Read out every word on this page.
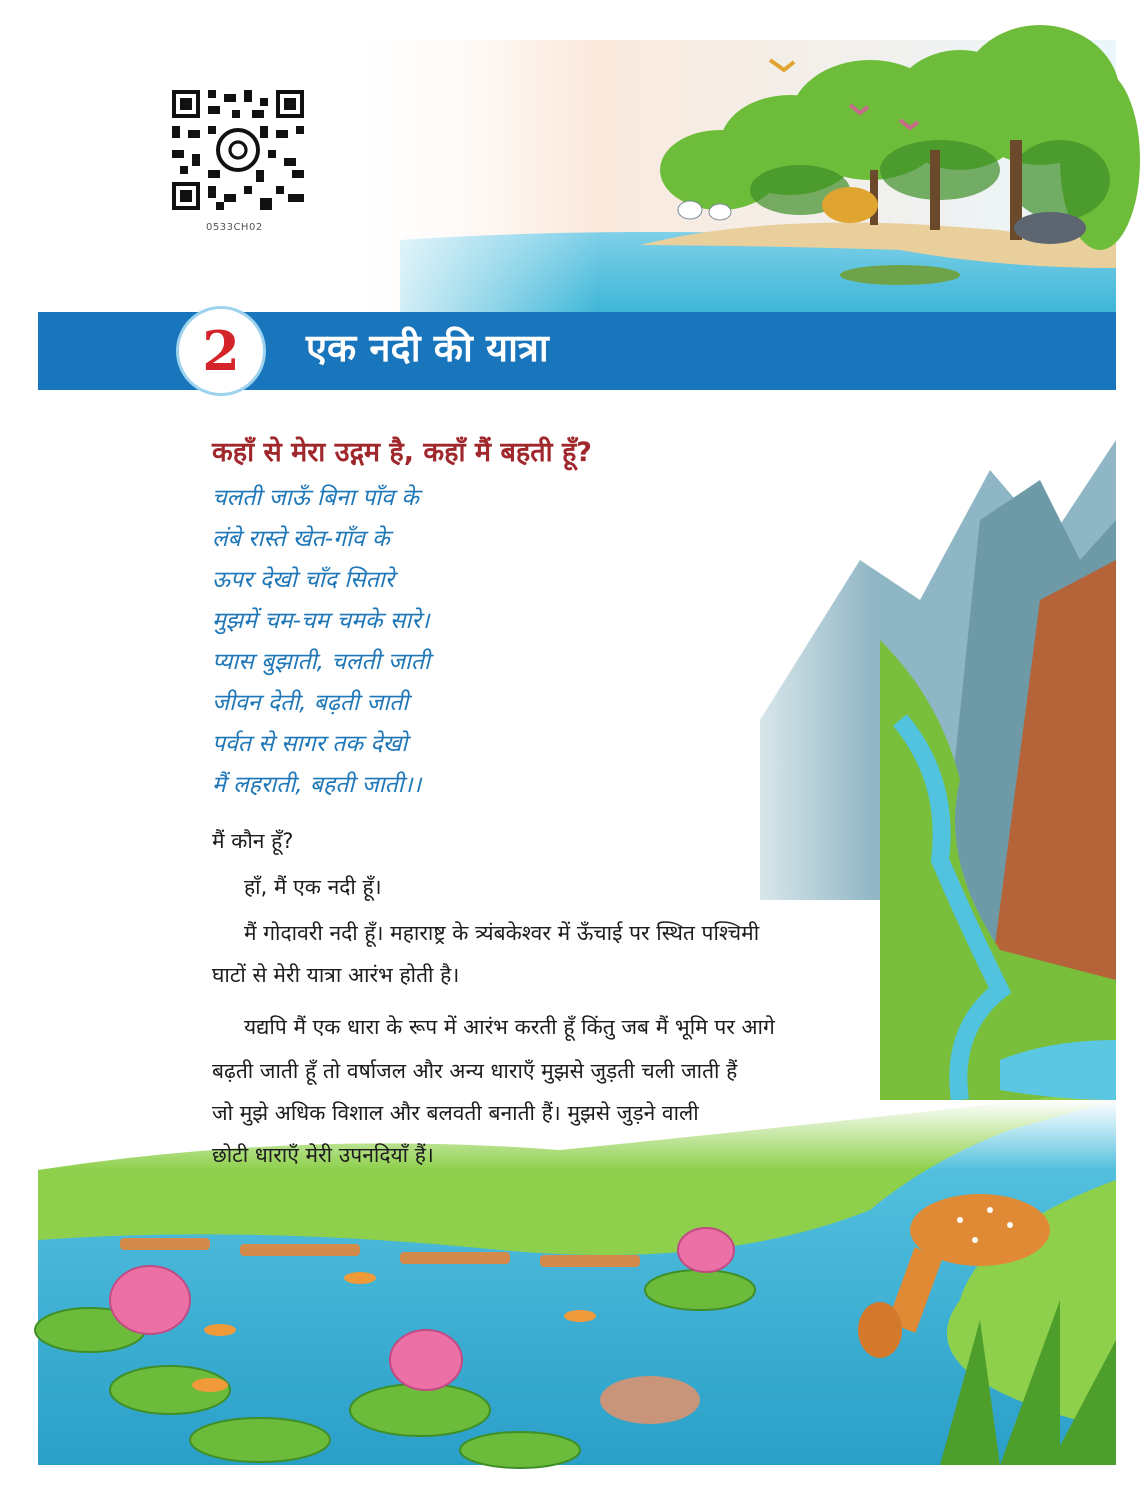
0533CH02
2 एक नदी की यात्रा
कहाँ से मेरा उद्गम है, कहाँ मैं बहती हूँ?
चलती जाऊँ बिना पाँव के
लंबे रास्ते खेत-गाँव के
ऊपर देखो चाँद सितारे
मुझमें चम-चम चमके सारे।
प्यास बुझाती, चलती जाती
जीवन देती, बढ़ती जाती
पर्वत से सागर तक देखो
मैं लहराती, बहती जाती।।
मैं कौन हूँ?
हाँ, मैं एक नदी हूँ।
मैं गोदावरी नदी हूँ। महाराष्ट्र के त्र्यंबकेश्वर में ऊँचाई पर स्थित पश्चिमी
घाटों से मेरी यात्रा आरंभ होती है।
यद्यपि मैं एक धारा के रूप में आरंभ करती हूँ किंतु जब मैं भूमि पर आगे
बढ़ती जाती हूँ तो वर्षाजल और अन्य धाराएँ मुझसे जुड़ती चली जाती हैं
जो मुझे अधिक विशाल और बलवती बनाती हैं। मुझसे जुड़ने वाली
छोटी धाराएँ मेरी उपनदियाँ हैं।
